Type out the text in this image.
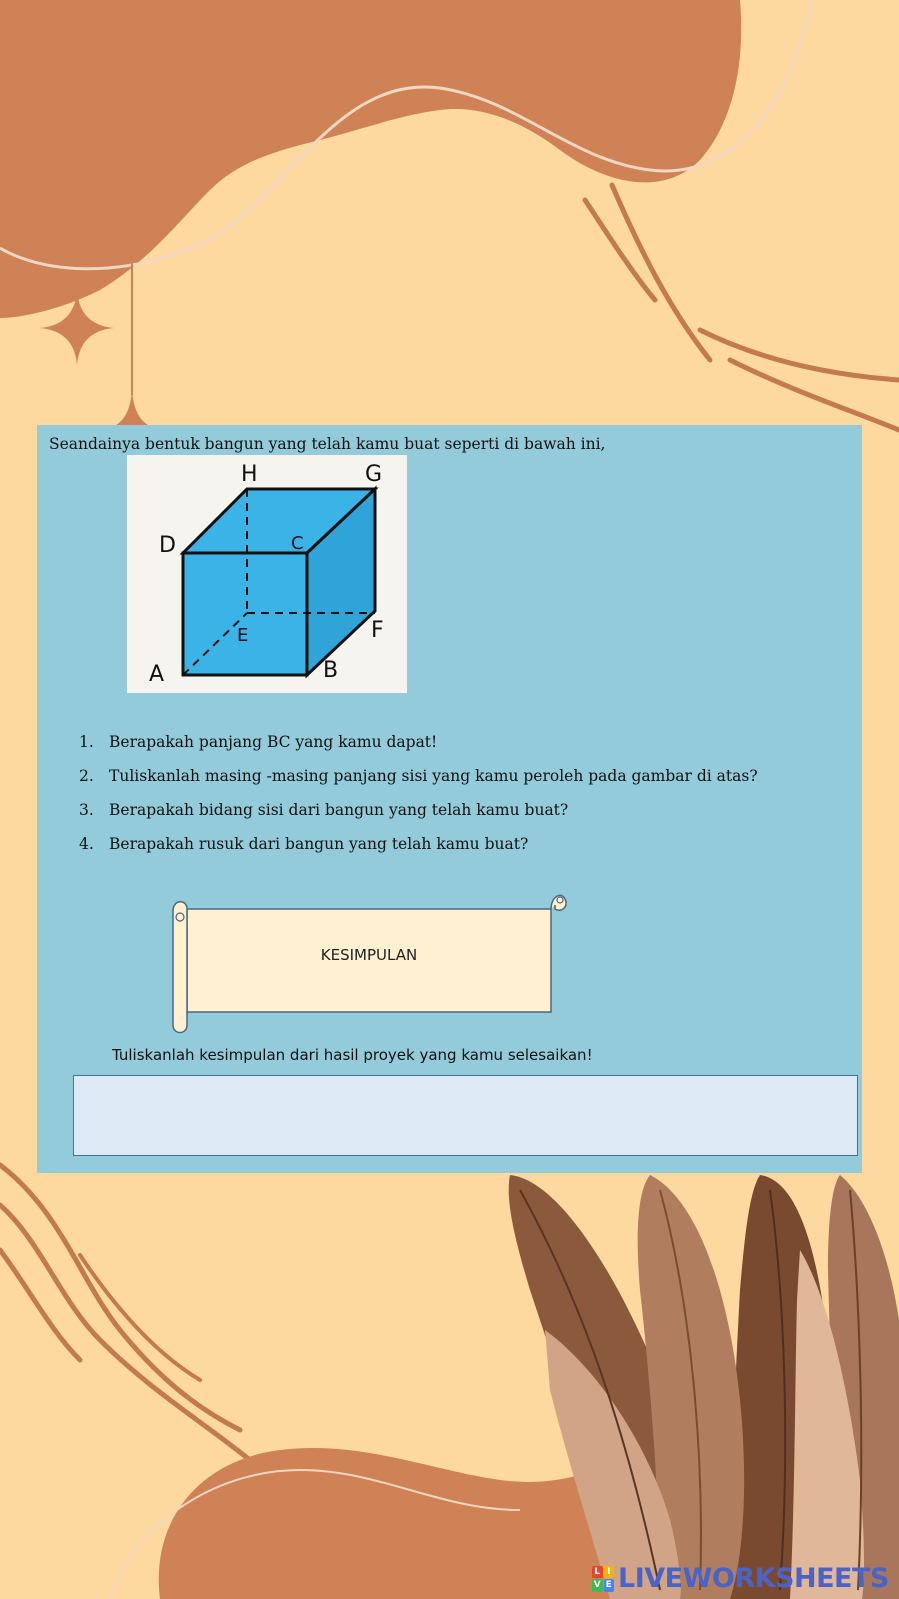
Seandainya bentuk bangun yang telah kamu buat seperti di bawah ini,
H	G
D	C
E	F
A	B
1. Berapakah panjang BC yang kamu dapat!
2. Tuliskanlah masing -masing panjang sisi yang kamu peroleh pada gambar di atas?
3. Berapakah bidang sisi dari bangun yang telah kamu buat?
4. Berapakah rusuk dari bangun yang telah kamu buat?
KESIMPULAN
Tuliskanlah kesimpulan dari hasil proyek yang kamu selesaikan!
L I
V E LIVEWORKSHEETS
